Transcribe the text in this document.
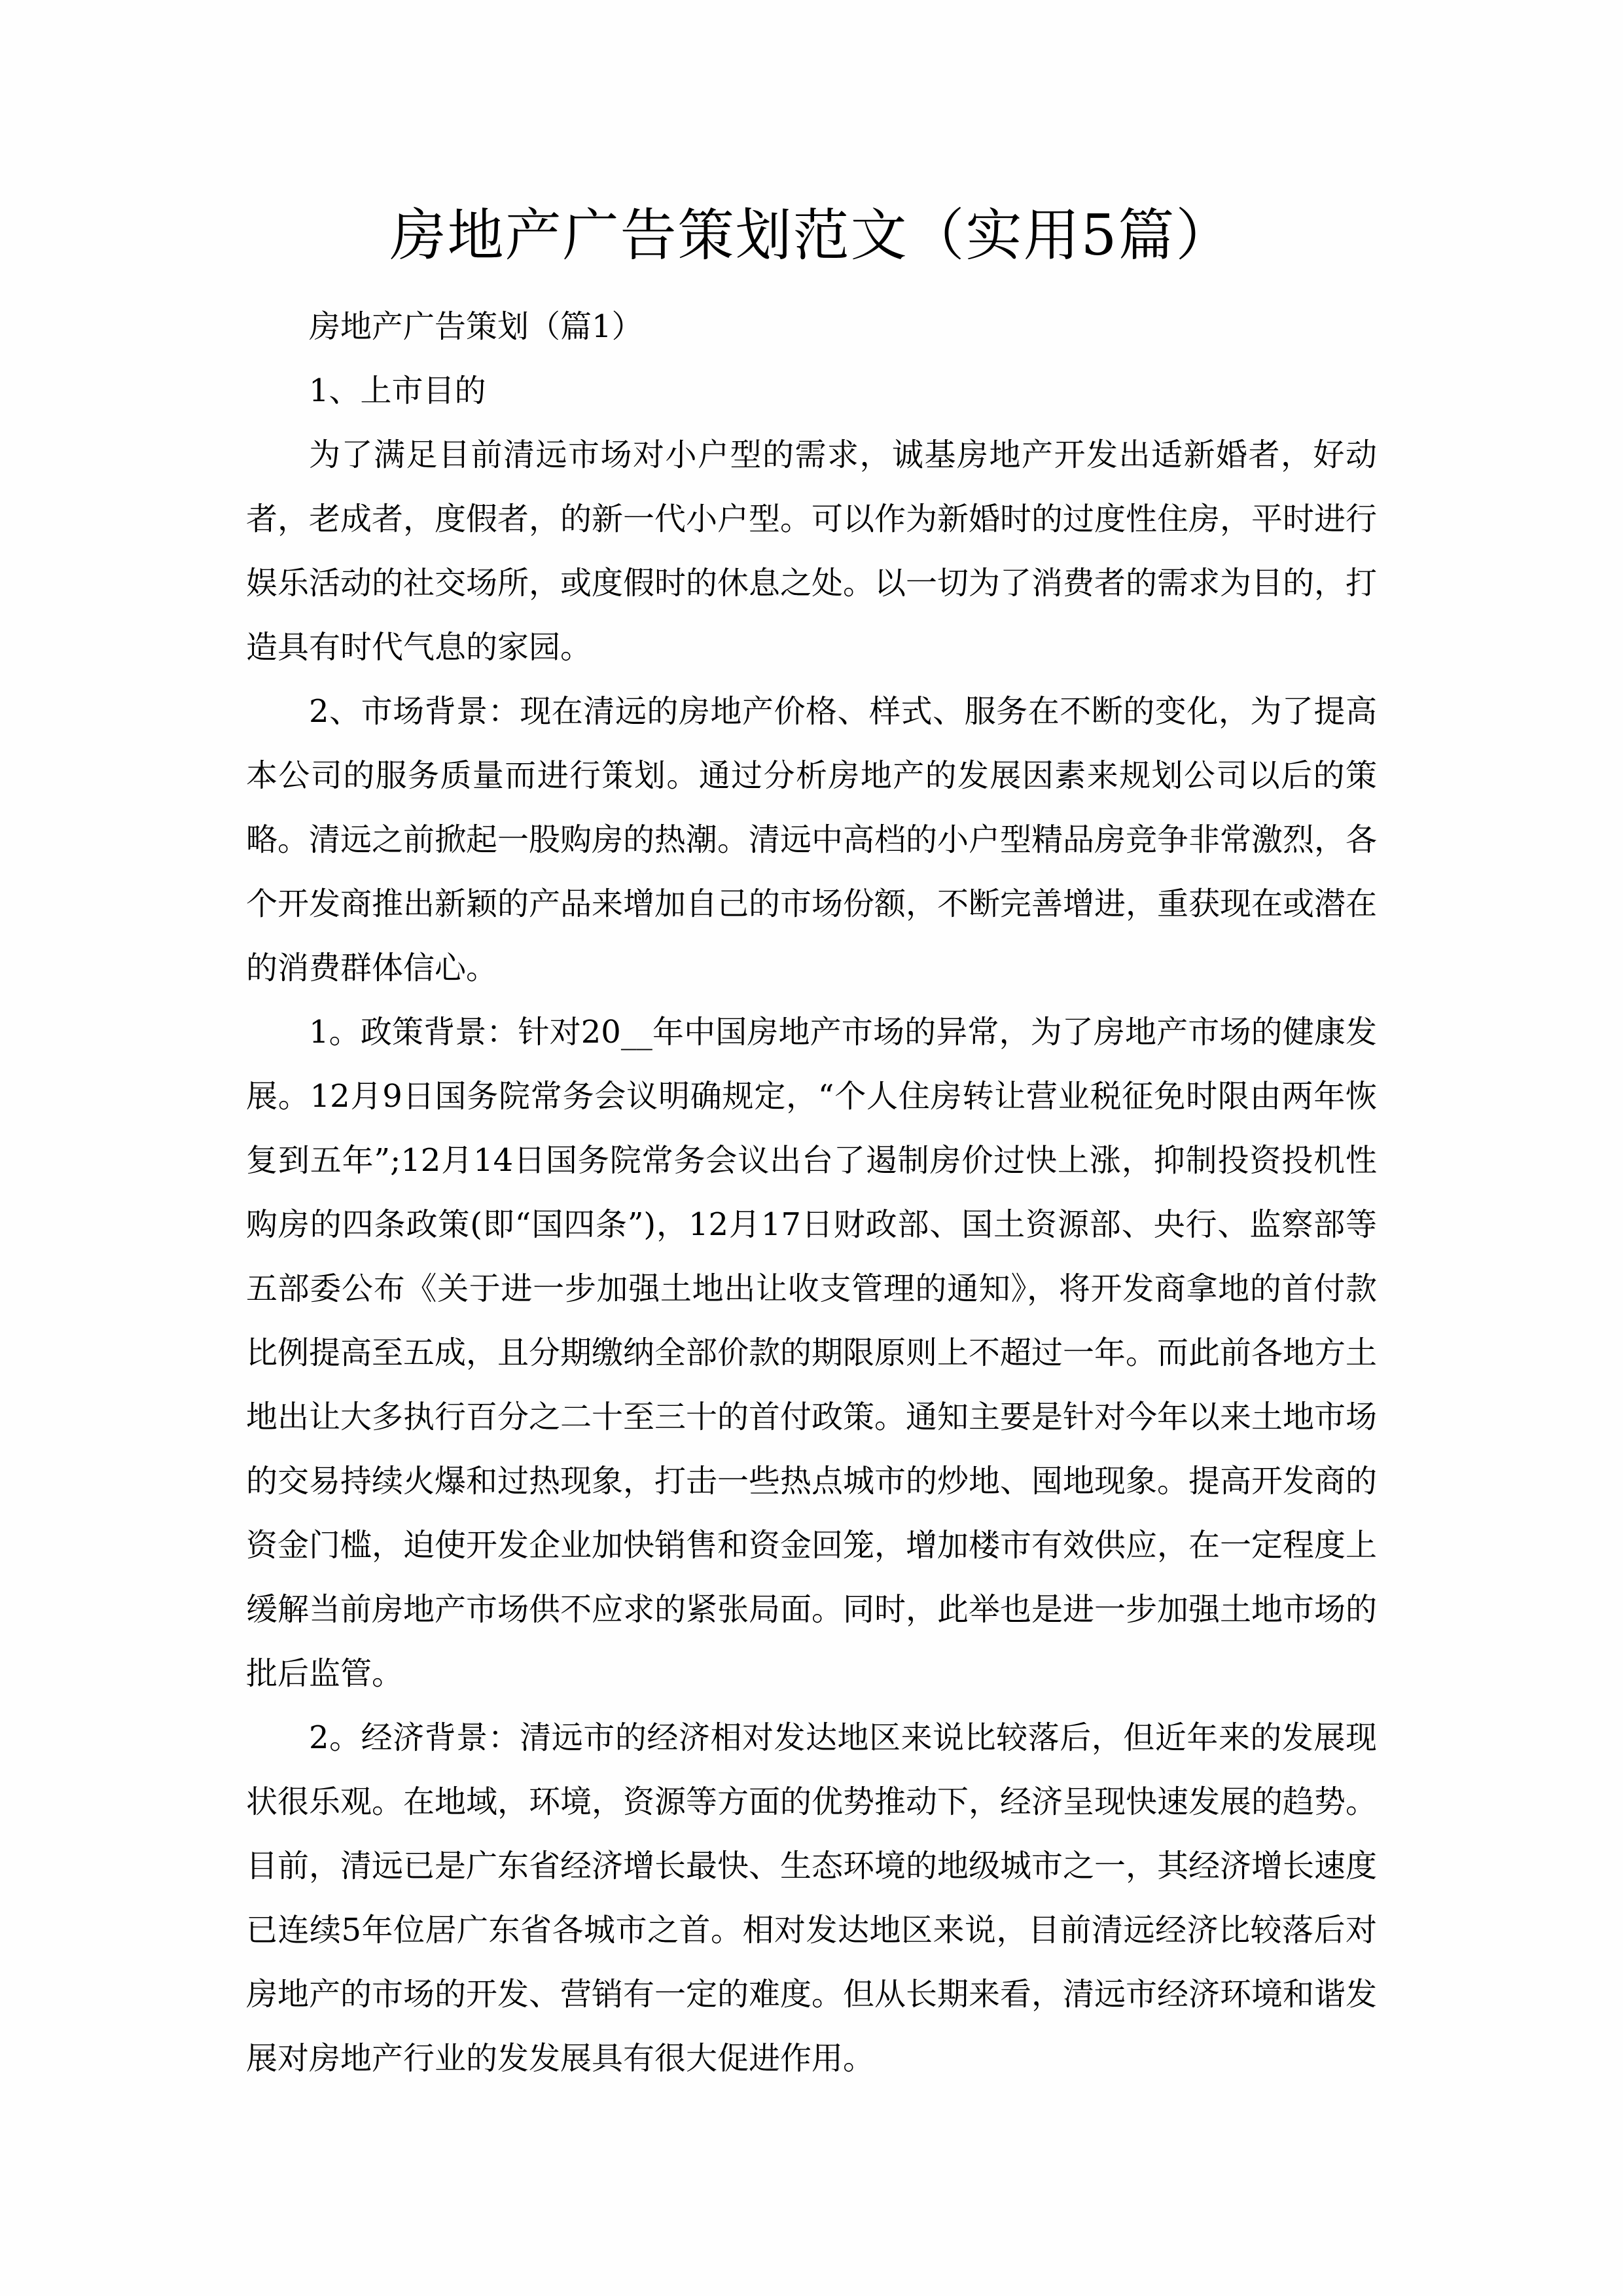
房地产广告策划范文（实用5篇）

房地产广告策划（篇1）

1、上市目的

为了满足目前清远市场对小户型的需求，诚基房地产开发出适新婚者，好动者，老成者，度假者，的新一代小户型。可以作为新婚时的过度性住房，平时进行娱乐活动的社交场所，或度假时的休息之处。以一切为了消费者的需求为目的，打造具有时代气息的家园。

2、市场背景：现在清远的房地产价格、样式、服务在不断的变化，为了提高本公司的服务质量而进行策划。通过分析房地产的发展因素来规划公司以后的策略。清远之前掀起一股购房的热潮。清远中高档的小户型精品房竞争非常激烈，各个开发商推出新颖的产品来增加自己的市场份额，不断完善增进，重获现在或潜在的消费群体信心。

1。政策背景：针对20__年中国房地产市场的异常，为了房地产市场的健康发展。12月9日国务院常务会议明确规定，“个人住房转让营业税征免时限由两年恢复到五年”;12月14日国务院常务会议出台了遏制房价过快上涨，抑制投资投机性购房的四条政策(即“国四条”)，12月17日财政部、国土资源部、央行、监察部等五部委公布《关于进一步加强土地出让收支管理的通知》，将开发商拿地的首付款比例提高至五成，且分期缴纳全部价款的期限原则上不超过一年。而此前各地方土地出让大多执行百分之二十至三十的首付政策。通知主要是针对今年以来土地市场的交易持续火爆和过热现象，打击一些热点城市的炒地、囤地现象。提高开发商的资金门槛，迫使开发企业加快销售和资金回笼，增加楼市有效供应，在一定程度上缓解当前房地产市场供不应求的紧张局面。同时，此举也是进一步加强土地市场的批后监管。

2。经济背景：清远市的经济相对发达地区来说比较落后，但近年来的发展现状很乐观。在地域，环境，资源等方面的优势推动下，经济呈现快速发展的趋势。目前，清远已是广东省经济增长最快、生态环境的地级城市之一，其经济增长速度已连续5年位居广东省各城市之首。相对发达地区来说，目前清远经济比较落后对房地产的市场的开发、营销有一定的难度。但从长期来看，清远市经济环境和谐发展对房地产行业的发发展具有很大促进作用。
